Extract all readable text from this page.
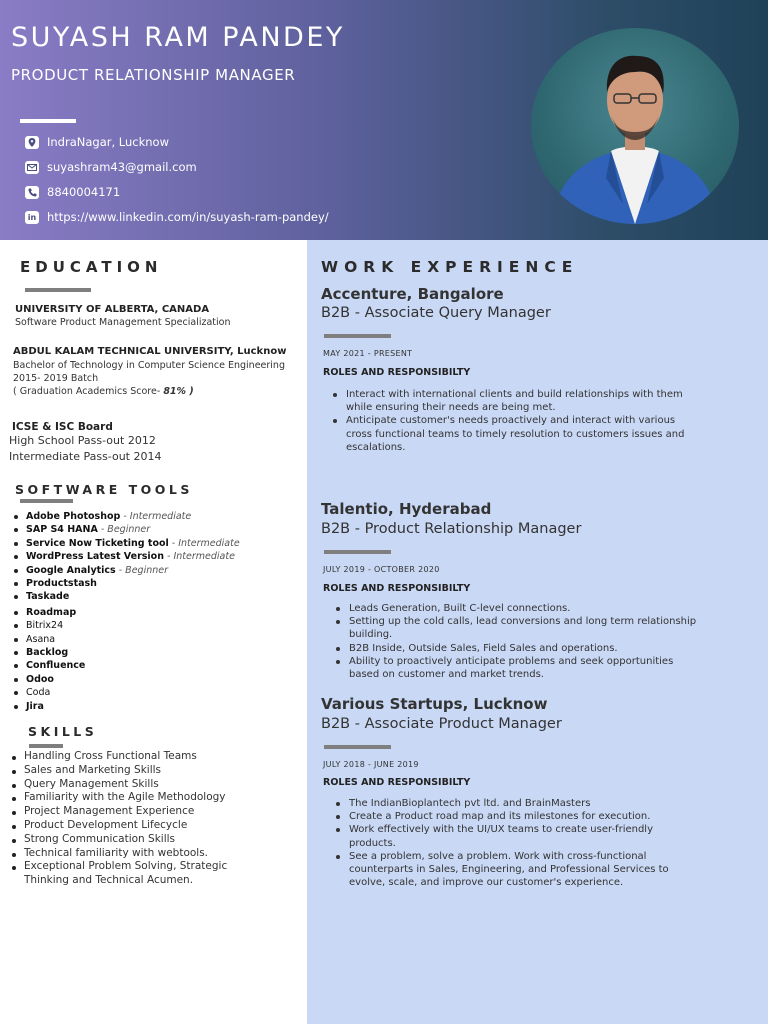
SUYASH RAM PANDEY
PRODUCT RELATIONSHIP MANAGER
IndraNagar, Lucknow
suyashram43@gmail.com
8840004171
in https://www.linkedin.com/in/suyash-ram-pandey/
EDUCATION
UNIVERSITY OF ALBERTA, CANADA
Software Product Management Specialization
ABDUL KALAM TECHNICAL UNIVERSITY, Lucknow
Bachelor of Technology in Computer Science Engineering
2015- 2019 Batch
( Graduation Academics Score- 81% )
ICSE & ISC Board
High School Pass-out 2012
Intermediate Pass-out 2014
SOFTWARE TOOLS
Adobe Photoshop - Intermediate
SAP S4 HANA - Beginner
Service Now Ticketing tool - Intermediate
WordPress Latest Version - Intermediate
Google Analytics - Beginner
Productstash
Taskade
Roadmap
Bitrix24
Asana
Backlog
Confluence
Odoo
Coda
Jira
SKILLS
Handling Cross Functional Teams
Sales and Marketing Skills
Query Management Skills
Familiarity with the Agile Methodology
Project Management Experience
Product Development Lifecycle
Strong Communication Skills
Technical familiarity with webtools.
Exceptional Problem Solving, Strategic
Thinking and Technical Acumen.
WORK EXPERIENCE
Accenture, Bangalore
B2B - Associate Query Manager
MAY 2021 - PRESENT
ROLES AND RESPONSIBILTY
Interact with international clients and build relationships with them while ensuring their needs are being met.
Anticipate customer's needs proactively and interact with various cross functional teams to timely resolution to customers issues and escalations.
Talentio, Hyderabad
B2B - Product Relationship Manager
JULY 2019 - OCTOBER 2020
ROLES AND RESPONSIBILTY
Leads Generation, Built C-level connections.
Setting up the cold calls, lead conversions and long term relationship building.
B2B Inside, Outside Sales, Field Sales and operations.
Ability to proactively anticipate problems and seek opportunities based on customer and market trends.
Various Startups, Lucknow
B2B - Associate Product Manager
JULY 2018 - JUNE 2019
ROLES AND RESPONSIBILTY
The IndianBioplantech pvt ltd. and BrainMasters
Create a Product road map and its milestones for execution.
Work effectively with the UI/UX teams to create user-friendly products.
See a problem, solve a problem. Work with cross-functional counterparts in Sales, Engineering, and Professional Services to evolve, scale, and improve our customer's experience.
